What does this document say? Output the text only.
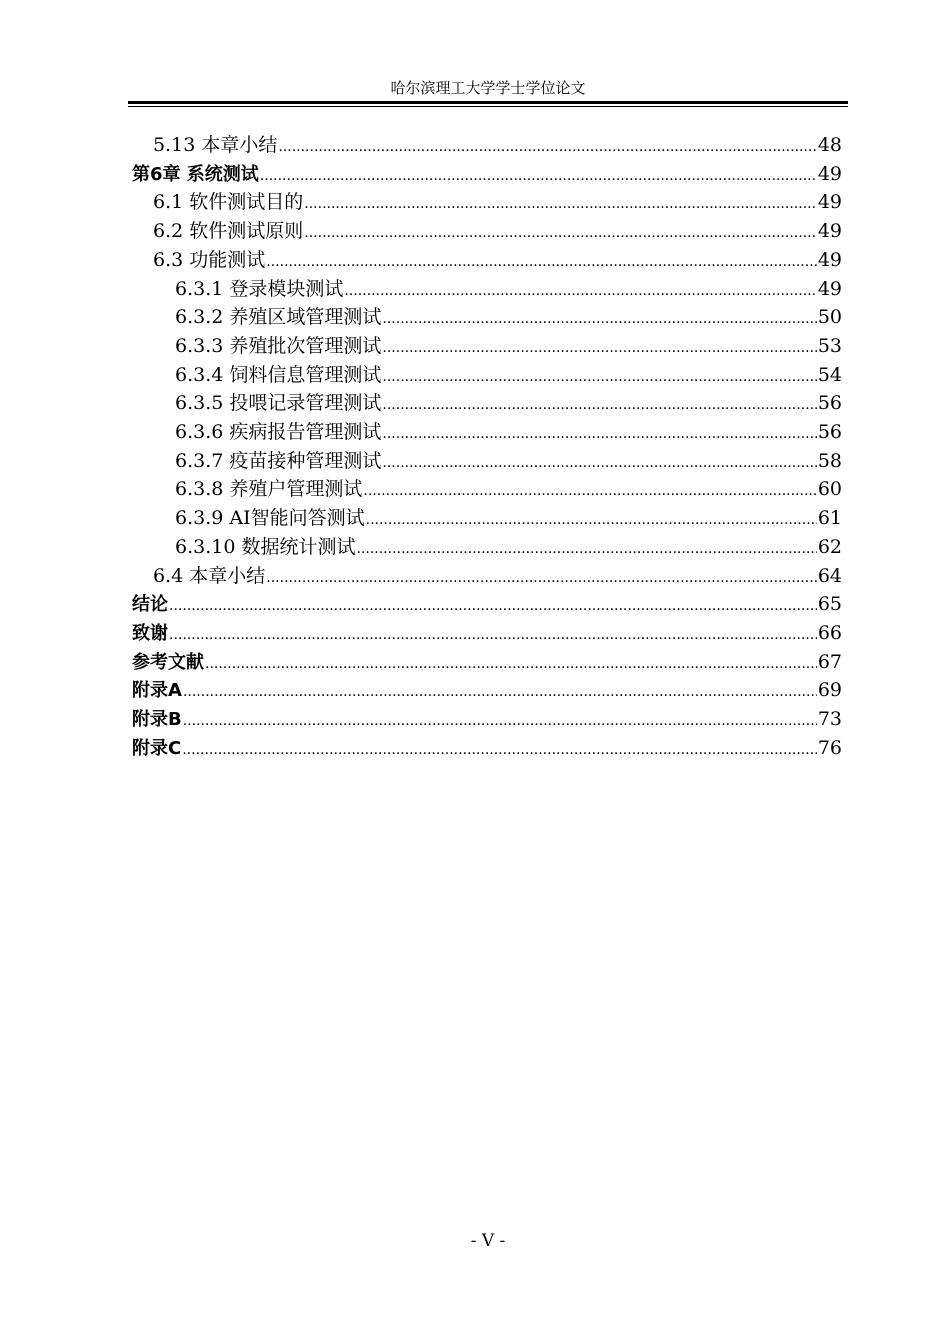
哈尔滨理工大学学士学位论文
5.13 本章小结 .....	48
第6章 系统测试 .....	49
6.1 软件测试目的 .....	49
6.2 软件测试原则 .....	49
6.3 功能测试 .....	49
6.3.1 登录模块测试 .....	49
6.3.2 养殖区域管理测试 .....	50
6.3.3 养殖批次管理测试 .....	53
6.3.4 饲料信息管理测试 .....	54
6.3.5 投喂记录管理测试 .....	56
6.3.6 疾病报告管理测试 .....	56
6.3.7 疫苗接种管理测试 .....	58
6.3.8 养殖户管理测试 .....	60
6.3.9 AI智能问答测试 .....	61
6.3.10 数据统计测试 .....	62
6.4 本章小结 .....	64
结论 .....	65
致谢 .....	66
参考文献 .....	67
附录A .....	69
附录B .....	73
附录C .....	76
- V -
